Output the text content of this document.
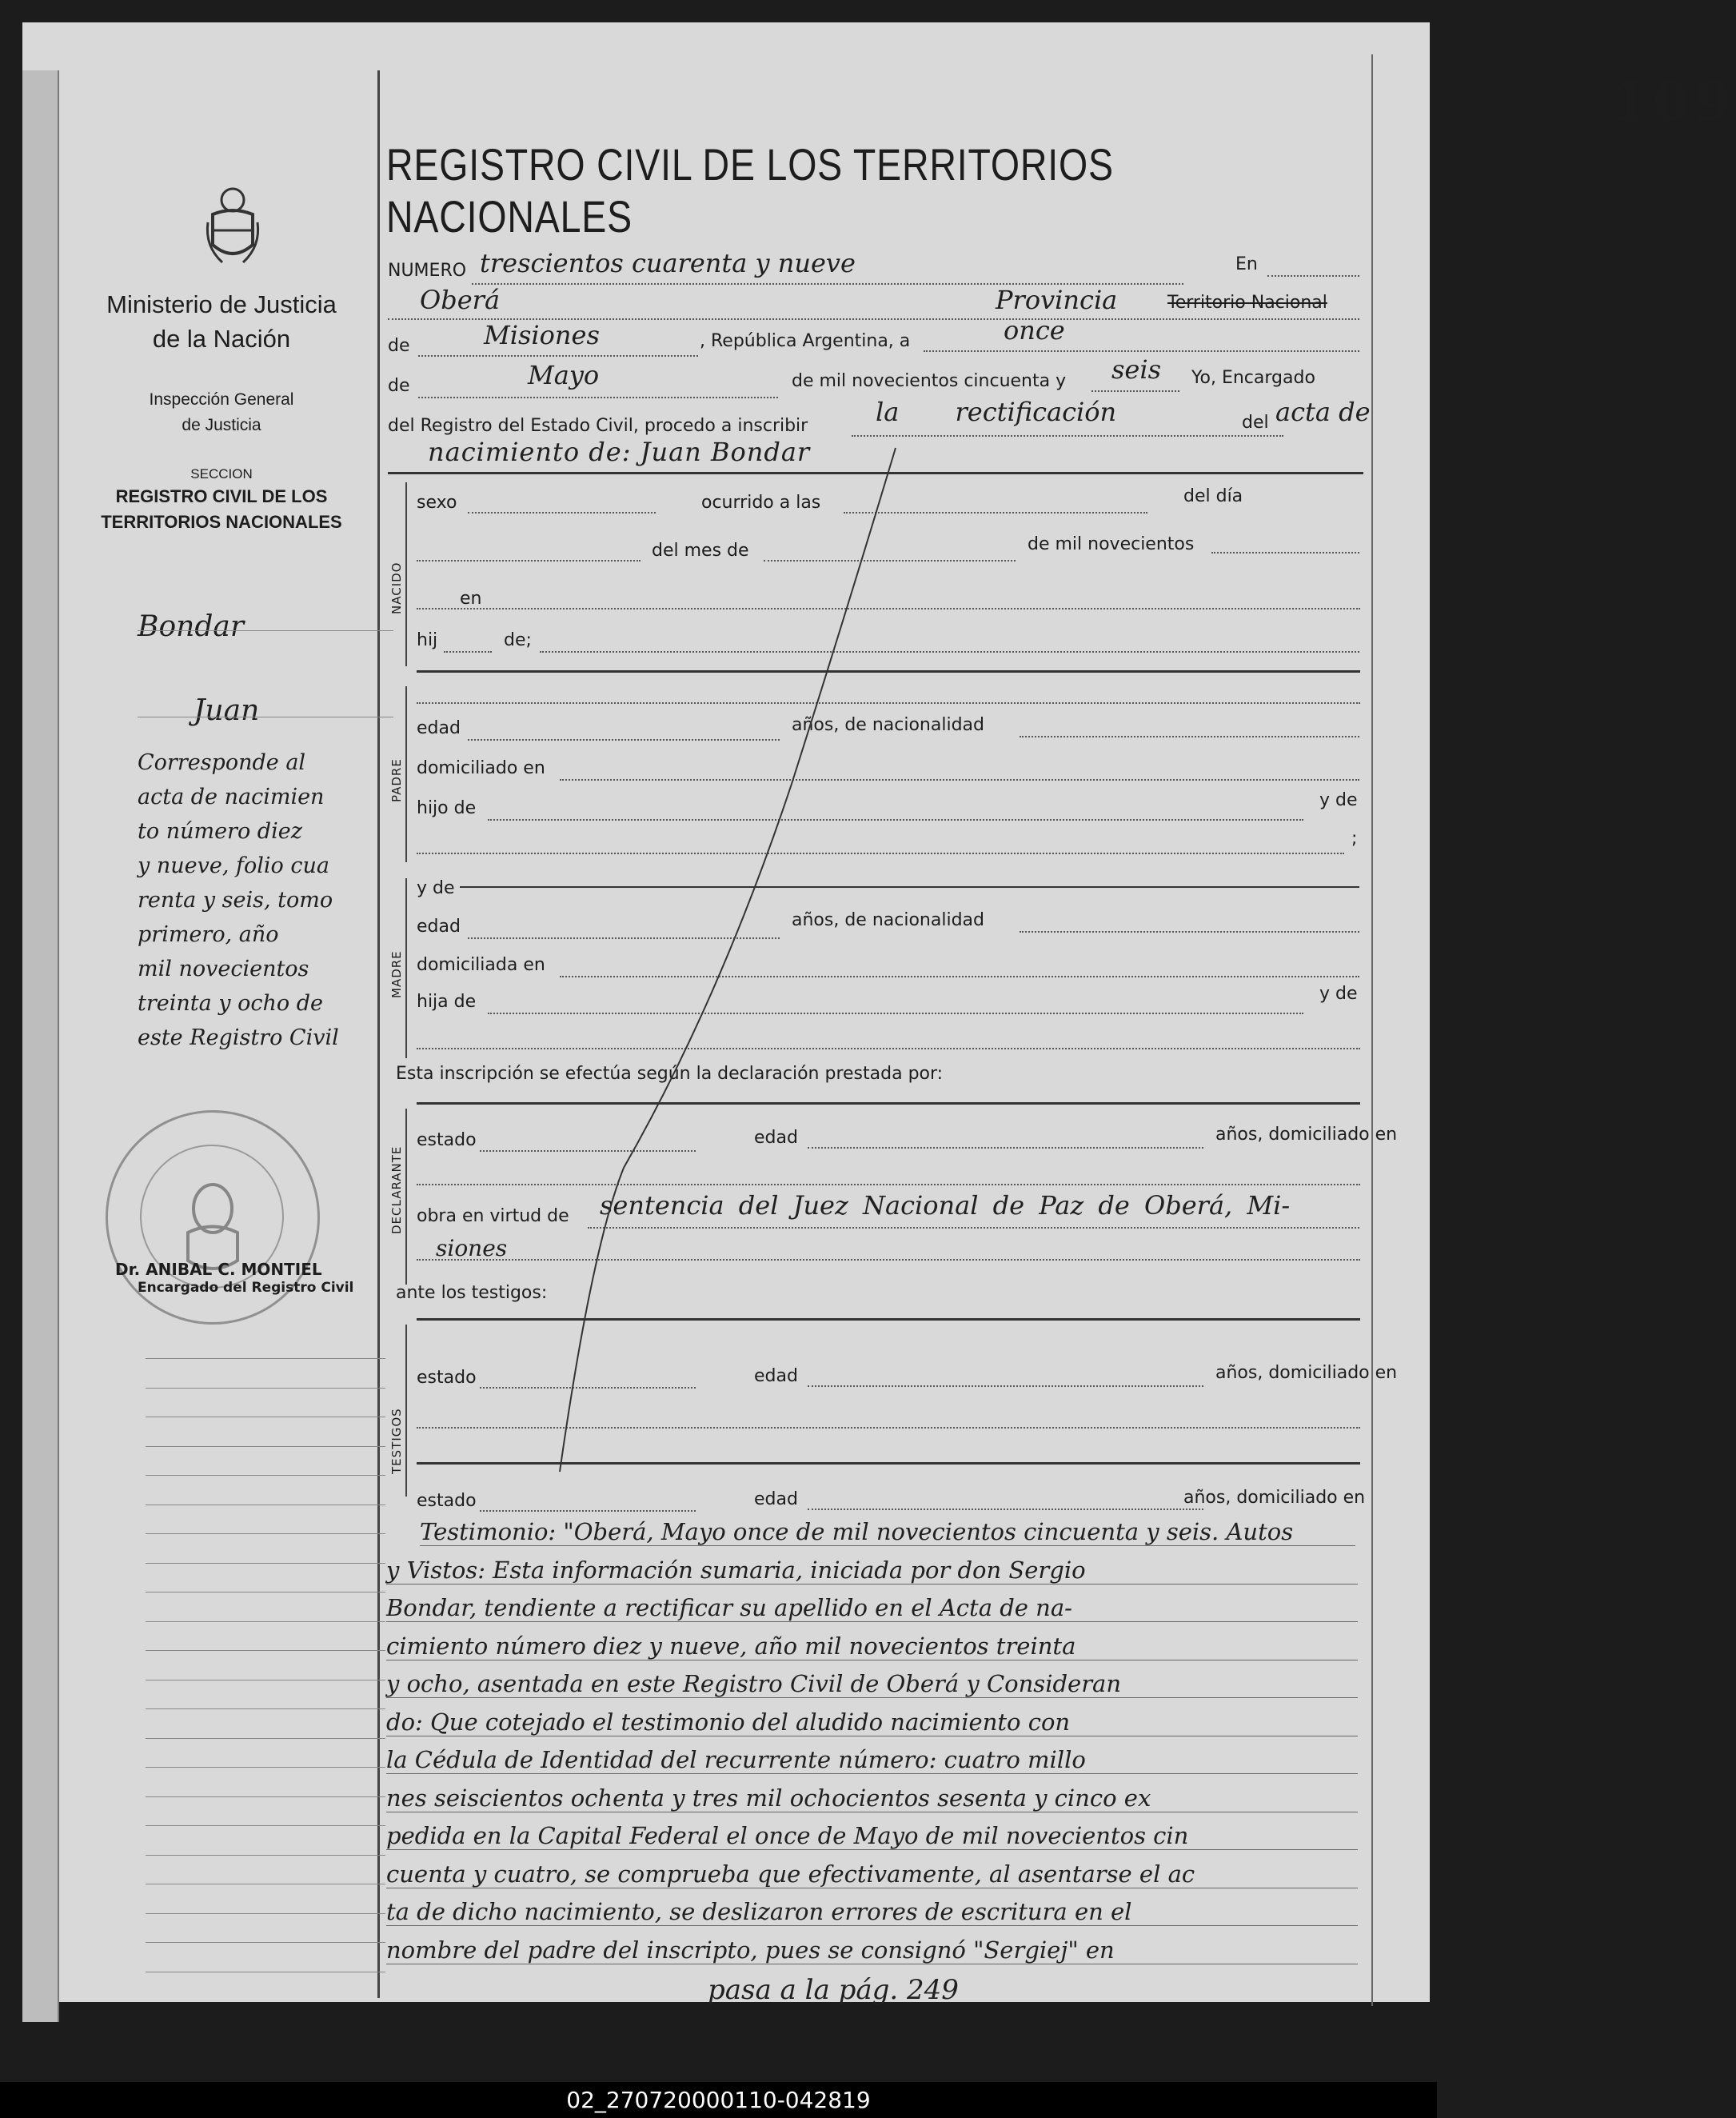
Ministerio de Justicia
de la Nación
Inspección General
de Justicia
SECCION
REGISTRO CIVIL DE LOS
TERRITORIOS NACIONALES
Bondar
Juan
Corresponde al
acta de nacimien
to número diez
y nueve, folio cua
renta y seis, tomo
primero, año
mil novecientos
treinta y ocho de
este Registro Civil
Dr. ANIBAL C. MONTIEL
Encargado del Registro Civil
109
REGISTRO CIVIL DE LOS TERRITORIOS NACIONALES
NUMERO trescientos cuarenta y nueve	En
Oberá	Provincia	Territorio Nacional
de	Misiones	, República Argentina, a	once
de	Mayo	de mil novecientos cincuenta y seis Yo, Encargado
del Registro del Estado Civil, procedo a inscribir	la rectificación	del acta de
nacimiento de: Juan Bondar
NACIDO
sexo	ocurrido a las	del día
del mes de	de mil novecientos
en
hij	de;
PADRE
edad	años, de nacionalidad
domiciliado en
hijo de	y de
;
MADRE
y de
edad	años, de nacionalidad
domiciliada en
hija de	y de
Esta inscripción se efectúa según la declaración prestada por:
DECLARANTE
estado	edad	años, domiciliado en
obra en virtud de sentencia del Juez Nacional de Paz de Oberá, Mi-
siones
ante los testigos:
TESTIGOS
estado	edad	años, domiciliado en
estado	edad	años, domiciliado en
Testimonio: "Oberá, Mayo once de mil novecientos cincuenta y seis. Autos
y Vistos: Esta información sumaria, iniciada por don Sergio
Bondar, tendiente a rectificar su apellido en el Acta de na-
cimiento número diez y nueve, año mil novecientos treinta
y ocho, asentada en este Registro Civil de Oberá y Consideran
do: Que cotejado el testimonio del aludido nacimiento con
la Cédula de Identidad del recurrente número: cuatro millo
nes seiscientos ochenta y tres mil ochocientos sesenta y cinco ex
pedida en la Capital Federal el once de Mayo de mil novecientos cin
cuenta y cuatro, se comprueba que efectivamente, al asentarse el ac
ta de dicho nacimiento, se deslizaron errores de escritura en el
nombre del padre del inscripto, pues se consignó "Sergiej" en
pasa a la pág. 249
02_270720000110-042819
